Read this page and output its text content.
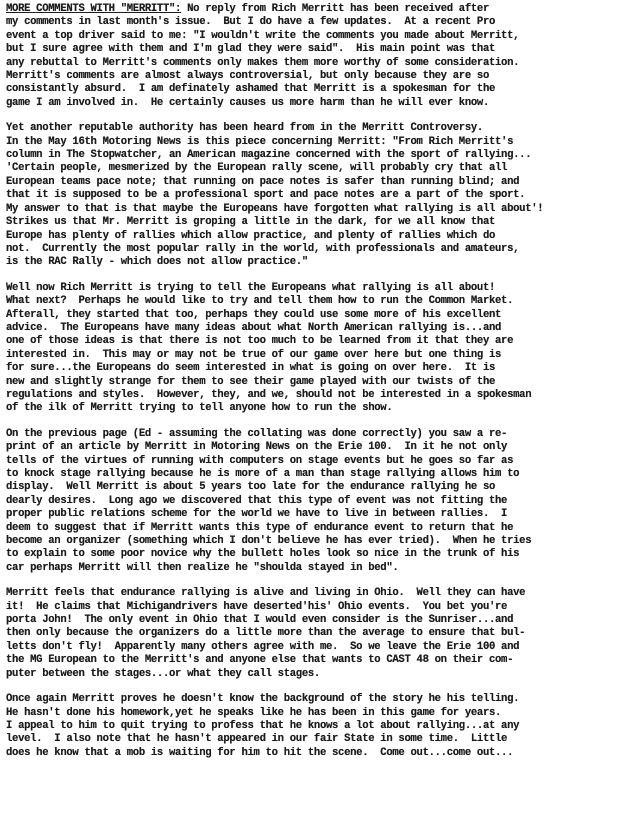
MORE COMMENTS WITH "MERRITT": No reply from Rich Merritt has been received after
my comments in last month's issue.  But I do have a few updates.  At a recent Pro
event a top driver said to me: "I wouldn't write the comments you made about Merritt,
but I sure agree with them and I'm glad they were said".  His main point was that
any rebuttal to Merritt's comments only makes them more worthy of some consideration.
Merritt's comments are almost always controversial, but only because they are so
consistantly absurd.  I am definately ashamed that Merritt is a spokesman for the
game I am involved in.  He certainly causes us more harm than he will ever know.
Yet another reputable authority has been heard from in the Merritt Controversy.
In the May 16th Motoring News is this piece concerning Merritt: "From Rich Merritt's
column in The Stopwatcher, an American magazine concerned with the sport of rallying...
'Certain people, mesmerized by the European rally scene, will probably cry that all
European teams pace note; that running on pace notes is safer than running blind; and
that it is supposed to be a professional sport and pace notes are a part of the sport.
My answer to that is that maybe the Europeans have forgotten what rallying is all about'!
Strikes us that Mr. Merritt is groping a little in the dark, for we all know that
Europe has plenty of rallies which allow practice, and plenty of rallies which do
not.  Currently the most popular rally in the world, with professionals and amateurs,
is the RAC Rally - which does not allow practice."
Well now Rich Merritt is trying to tell the Europeans what rallying is all about!
What next?  Perhaps he would like to try and tell them how to run the Common Market.
Afterall, they started that too, perhaps they could use some more of his excellent
advice.  The Europeans have many ideas about what North American rallying is...and
one of those ideas is that there is not too much to be learned from it that they are
interested in.  This may or may not be true of our game over here but one thing is
for sure...the Europeans do seem interested in what is going on over here.  It is
new and slightly strange for them to see their game played with our twists of the
regulations and styles.  However, they, and we, should not be interested in a spokesman
of the ilk of Merritt trying to tell anyone how to run the show.
On the previous page (Ed - assuming the collating was done correctly) you saw a re-
print of an article by Merritt in Motoring News on the Erie 100.  In it he not only
tells of the virtues of running with computers on stage events but he goes so far as
to knock stage rallying because he is more of a man than stage rallying allows him to
display.  Well Merritt is about 5 years too late for the endurance rallying he so
dearly desires.  Long ago we discovered that this type of event was not fitting the
proper public relations scheme for the world we have to live in between rallies.  I
deem to suggest that if Merritt wants this type of endurance event to return that he
become an organizer (something which I don't believe he has ever tried).  When he tries
to explain to some poor novice why the bullett holes look so nice in the trunk of his
car perhaps Merritt will then realize he "shoulda stayed in bed".
Merritt feels that endurance rallying is alive and living in Ohio.  Well they can have
it!  He claims that Michigandrivers have deserted'his' Ohio events.  You bet you're
porta John!  The only event in Ohio that I would even consider is the Sunriser...and
then only because the organizers do a little more than the average to ensure that bul-
letts don't fly!  Apparently many others agree with me.  So we leave the Erie 100 and
the MG European to the Merritt's and anyone else that wants to CAST 48 on their com-
puter between the stages...or what they call stages.
Once again Merritt proves he doesn't know the background of the story he his telling.
He hasn't done his homework,yet he speaks like he has been in this game for years.
I appeal to him to quit trying to profess that he knows a lot about rallying...at any
level.  I also note that he hasn't appeared in our fair State in some time.  Little
does he know that a mob is waiting for him to hit the scene.  Come out...come out...
